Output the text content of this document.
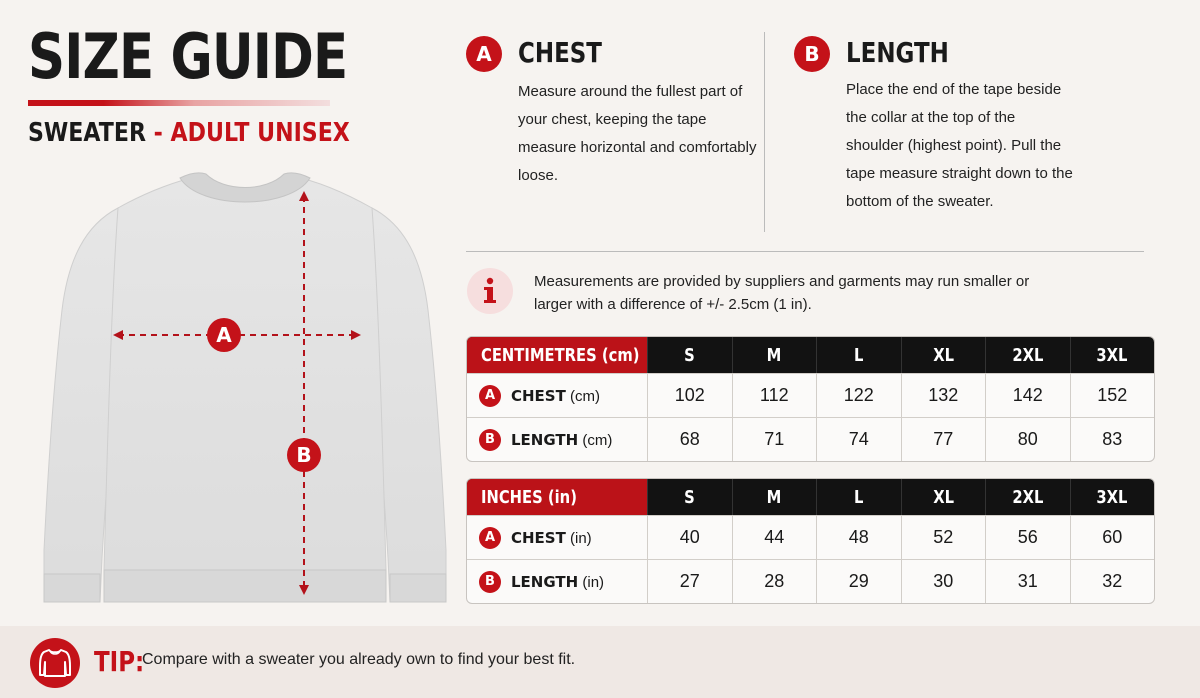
SIZE GUIDE
SWEATER - ADULT UNISEX
A
B
A CHEST

Measure around the fullest part of your chest, keeping the tape measure horizontal and comfortably loose.

B LENGTH

Place the end of the tape beside the collar at the top of the shoulder (highest point). Pull the tape measure straight down to the bottom of the sweater.

Measurements are provided by suppliers and garments may run smaller or larger with a difference of +/- 2.5cm (1 in).
CENTIMETRES (cm) S	M	L	XL	2XL	3XL
A	CHEST (cm)	102	112	122	132	142	152
B	LENGTH (cm)	68	71	74	77	80	83
INCHES (in)	S	M	L	XL	2XL	3XL
A	CHEST (in)	40	44	48	52	56	60
B	LENGTH (in)	27	28	29	30	31	32
TIP:
Compare with a sweater you already own to find your best fit.
